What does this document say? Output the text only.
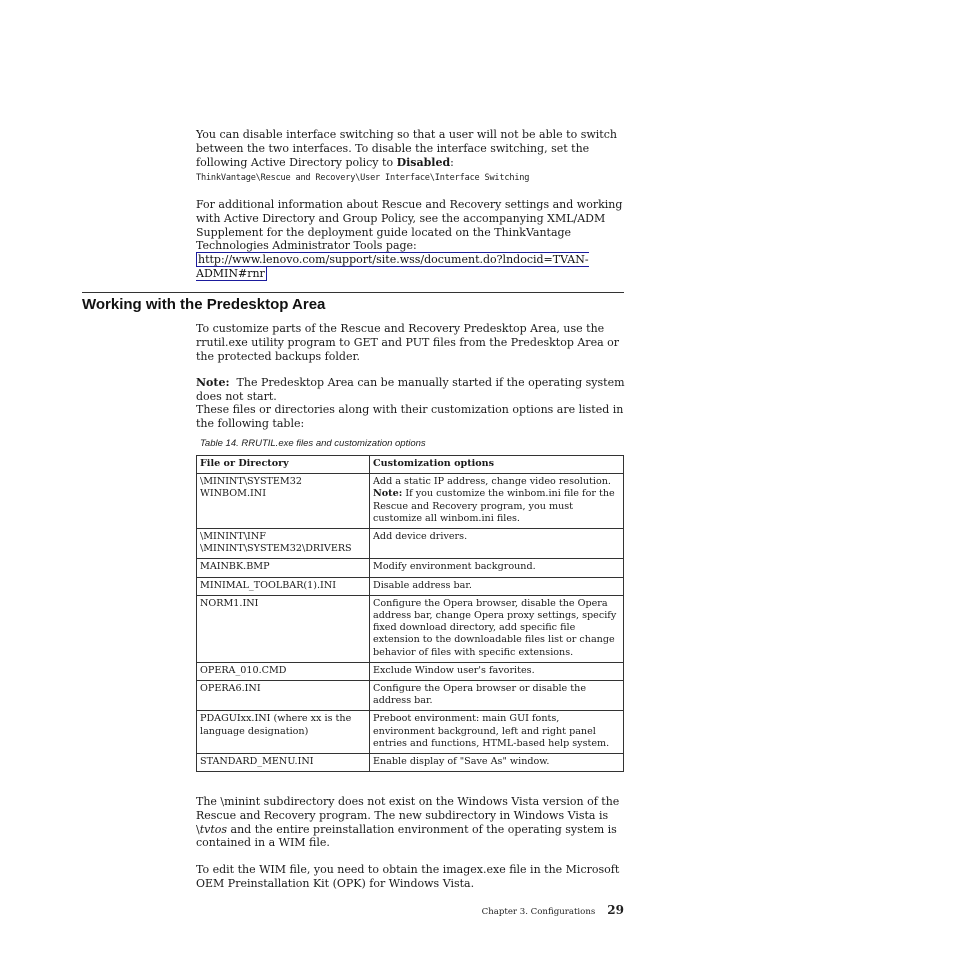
You can disable interface switching so that a user will not be able to switch between the two interfaces. To disable the interface switching, set the following Active Directory policy to Disabled:
ThinkVantage\Rescue and Recovery\User Interface\Interface Switching
For additional information about Rescue and Recovery settings and working with Active Directory and Group Policy, see the accompanying XML/ADM Supplement for the deployment guide located on the ThinkVantage Technologies Administrator Tools page:
http://www.lenovo.com/support/site.wss/document.do?lndocid=TVAN-ADMIN#rnr
Working with the Predesktop Area
To customize parts of the Rescue and Recovery Predesktop Area, use the rrutil.exe utility program to GET and PUT files from the Predesktop Area or the protected backups folder.
Note: The Predesktop Area can be manually started if the operating system does not start.
These files or directories along with their customization options are listed in the following table:
Table 14. RRUTIL.exe files and customization options
File or Directory	Customization options
\MININT\SYSTEM32
WINBOM.INI	Add a static IP address, change video resolution.
Note: If you customize the winbom.ini file for the Rescue and Recovery program, you must customize all winbom.ini files.
\MININT\INF
\MININT\SYSTEM32\DRIVERS	Add device drivers.
MAINBK.BMP	Modify environment background.
MINIMAL_TOOLBAR(1).INI	Disable address bar.
NORM1.INI	Configure the Opera browser, disable the Opera address bar, change Opera proxy settings, specify fixed download directory, add specific file extension to the downloadable files list or change behavior of files with specific extensions.
OPERA_010.CMD	Exclude Window user's favorites.
OPERA6.INI	Configure the Opera browser or disable the address bar.
PDAGUIxx.INI (where xx is the language designation)	Preboot environment: main GUI fonts, environment background, left and right panel entries and functions, HTML-based help system.
STANDARD_MENU.INI	Enable display of "Save As" window.
The \minint subdirectory does not exist on the Windows Vista version of the Rescue and Recovery program. The new subdirectory in Windows Vista is \tvtos and the entire preinstallation environment of the operating system is contained in a WIM file.
To edit the WIM file, you need to obtain the imagex.exe file in the Microsoft OEM Preinstallation Kit (OPK) for Windows Vista.
Chapter 3. Configurations 29
